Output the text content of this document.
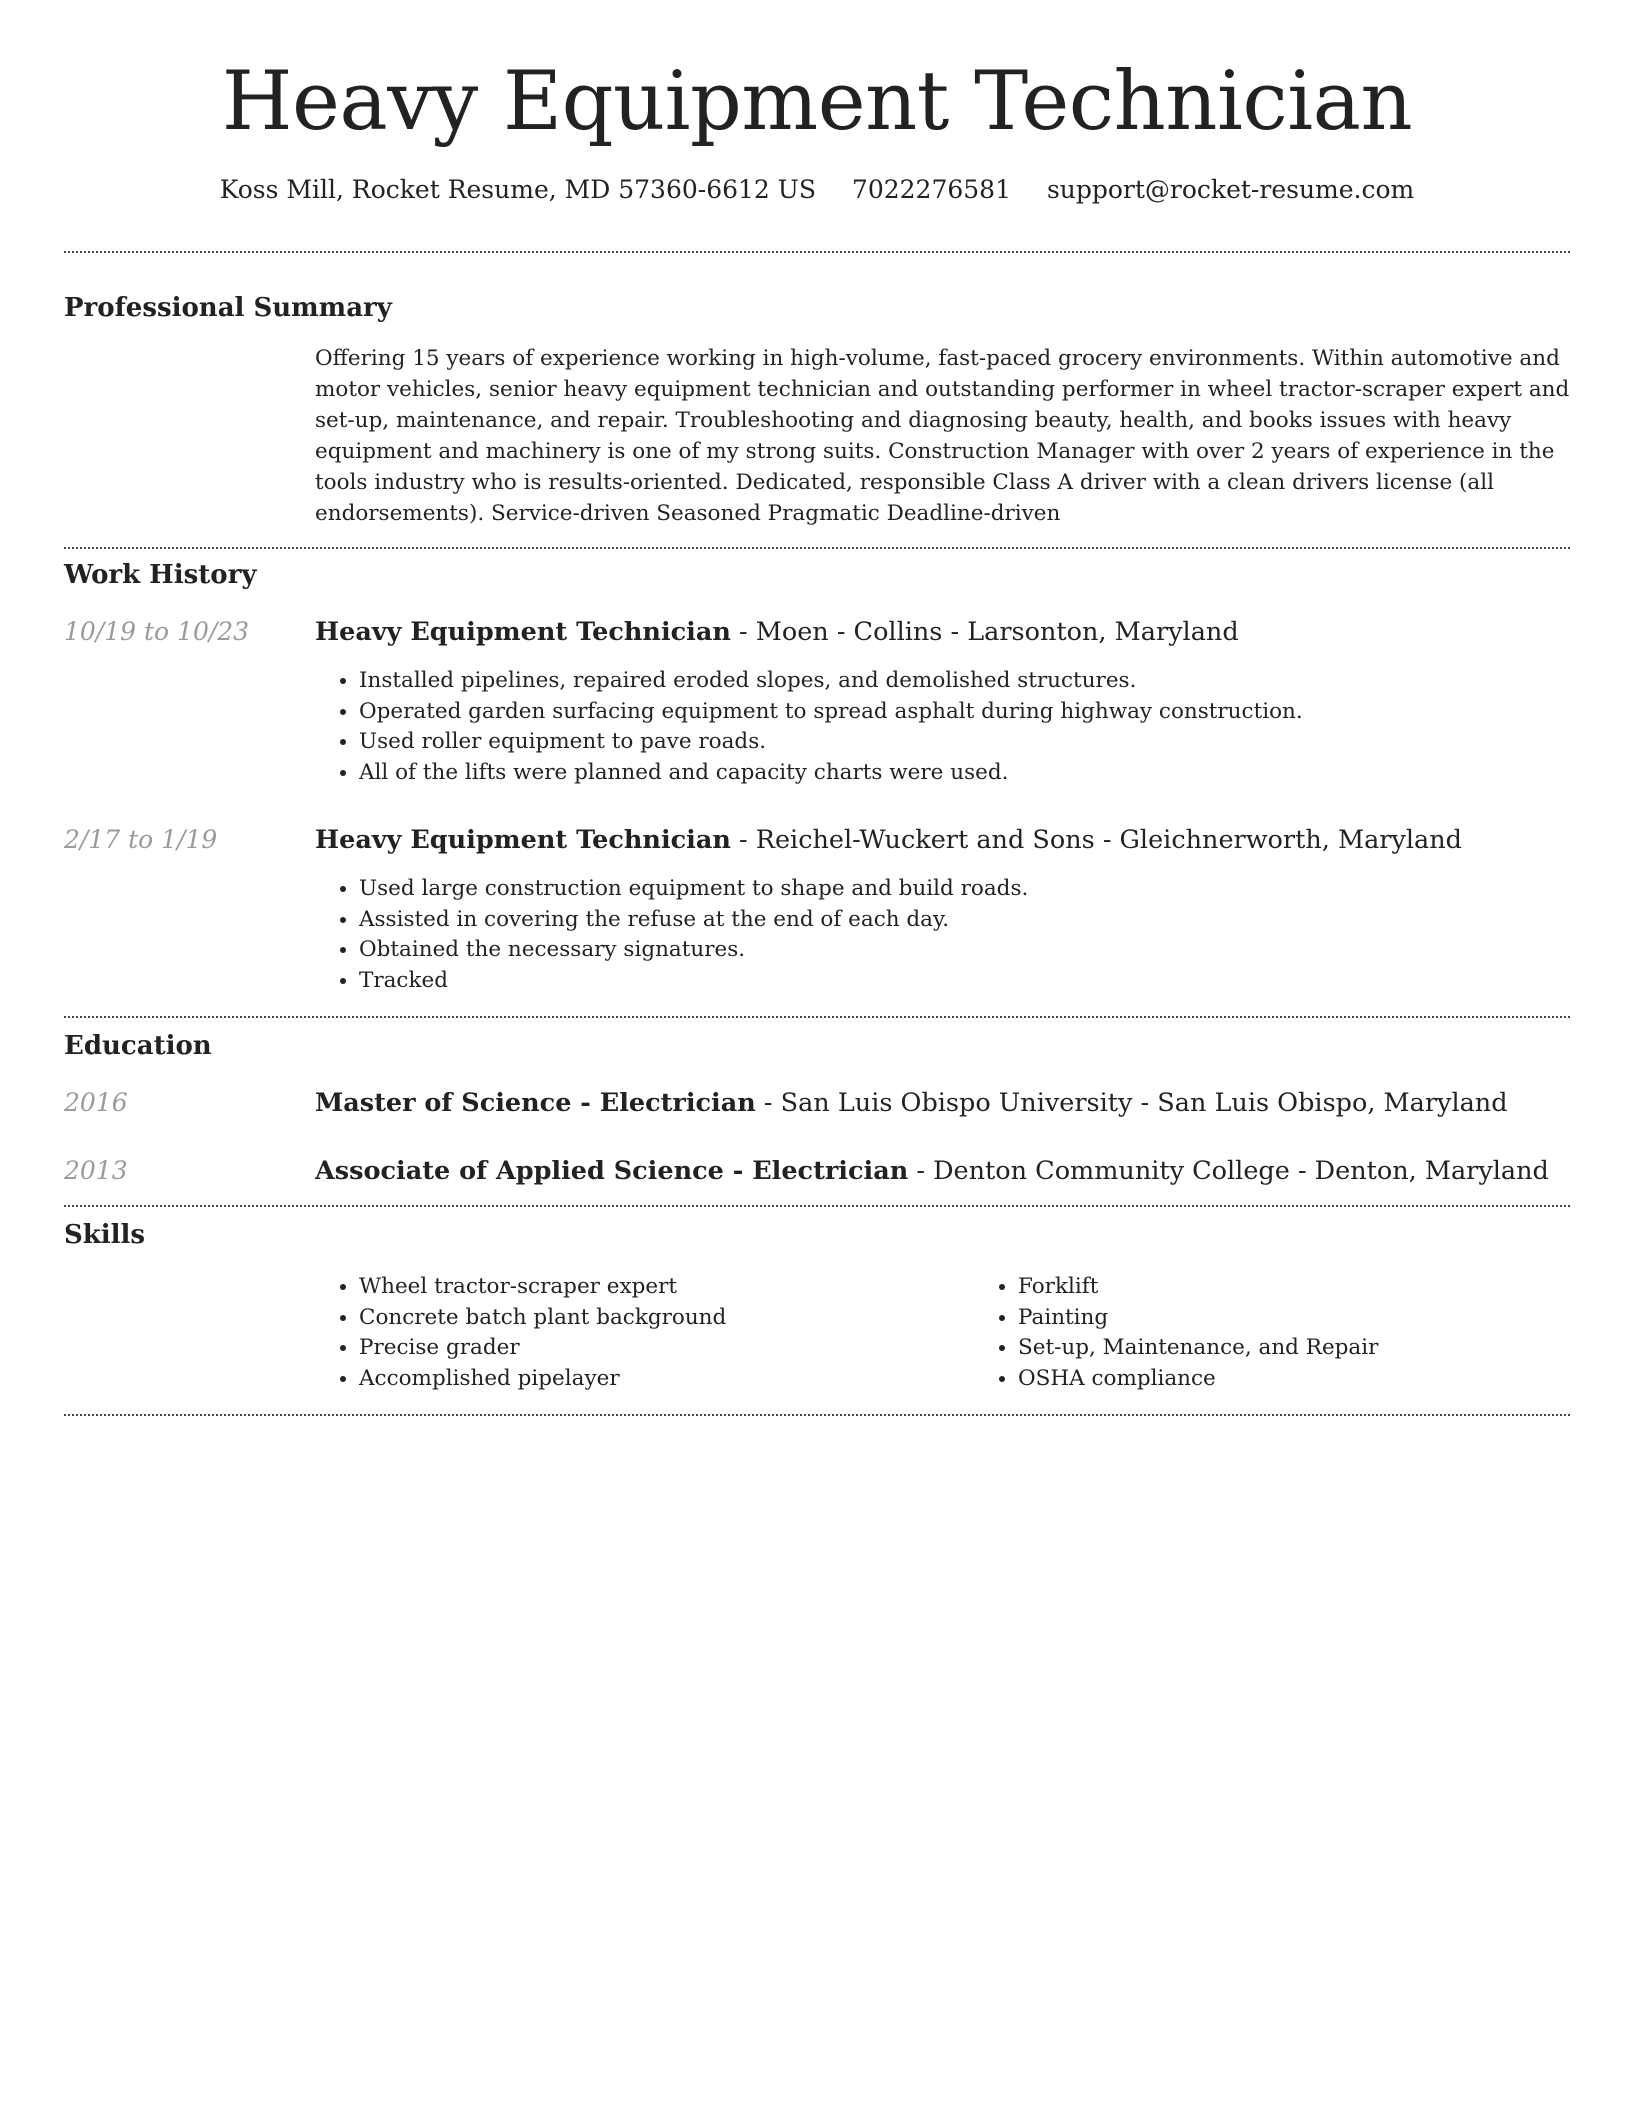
Heavy Equipment Technician
Koss Mill, Rocket Resume, MD 57360-6612 US 7022276581 support@rocket-resume.com
Professional Summary

Offering 15 years of experience working in high-volume, fast-paced grocery environments. Within automotive and motor vehicles, senior heavy equipment technician and outstanding performer in wheel tractor-scraper expert and set-up, maintenance, and repair. Troubleshooting and diagnosing beauty, health, and books issues with heavy equipment and machinery is one of my strong suits. Construction Manager with over 2 years of experience in the tools industry who is results-oriented. Dedicated, responsible Class A driver with a clean drivers license (all endorsements). Service-driven Seasoned Pragmatic Deadline-driven

Work History
10/19 to 10/23	Heavy Equipment Technician - Moen - Collins - Larsonton, Maryland
• Installed pipelines, repaired eroded slopes, and demolished structures.
• Operated garden surfacing equipment to spread asphalt during highway construction.
• Used roller equipment to pave roads.
• All of the lifts were planned and capacity charts were used.
2/17 to 1/19	Heavy Equipment Technician - Reichel-Wuckert and Sons - Gleichnerworth, Maryland
• Used large construction equipment to shape and build roads.
• Assisted in covering the refuse at the end of each day.
• Obtained the necessary signatures.
• Tracked
Education
2016	Master of Science - Electrician - San Luis Obispo University - San Luis Obispo, Maryland
2013	Associate of Applied Science - Electrician - Denton Community College - Denton, Maryland
Skills
• Wheel tractor-scraper expert
• Concrete batch plant background
• Precise grader
• Accomplished pipelayer
• Forklift
• Painting
• Set-up, Maintenance, and Repair
• OSHA compliance
